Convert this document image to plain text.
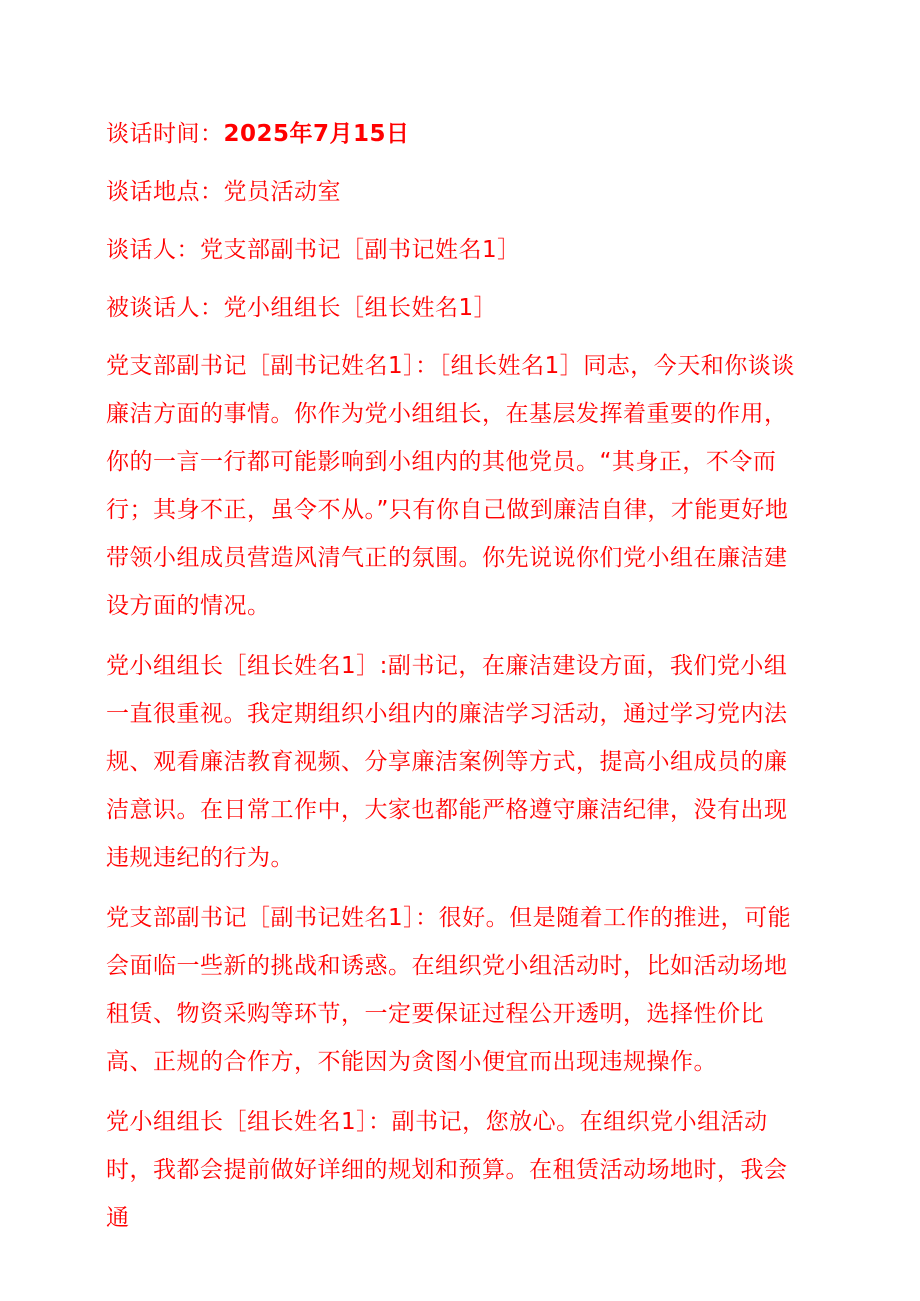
谈话时间：2025年7月15日

谈话地点：党员活动室

谈话人：党支部副书记［副书记姓名1］

被谈话人：党小组组长［组长姓名1］

党支部副书记［副书记姓名1］：［组长姓名1］同志，今天和你谈谈廉洁方面的事情。你作为党小组组长，在基层发挥着重要的作用，你的一言一行都可能影响到小组内的其他党员。“其身正，不令而行；其身不正，虽令不从。”只有你自己做到廉洁自律，才能更好地带领小组成员营造风清气正的氛围。你先说说你们党小组在廉洁建设方面的情况。

党小组组长［组长姓名1］:副书记，在廉洁建设方面，我们党小组一直很重视。我定期组织小组内的廉洁学习活动，通过学习党内法规、观看廉洁教育视频、分享廉洁案例等方式，提高小组成员的廉洁意识。在日常工作中，大家也都能严格遵守廉洁纪律，没有出现违规违纪的行为。

党支部副书记［副书记姓名1］：很好。但是随着工作的推进，可能会面临一些新的挑战和诱惑。在组织党小组活动时，比如活动场地租赁、物资采购等环节，一定要保证过程公开透明，选择性价比高、正规的合作方，不能因为贪图小便宜而出现违规操作。

党小组组长［组长姓名1］：副书记，您放心。在组织党小组活动时，我都会提前做好详细的规划和预算。在租赁活动场地时，我会通
